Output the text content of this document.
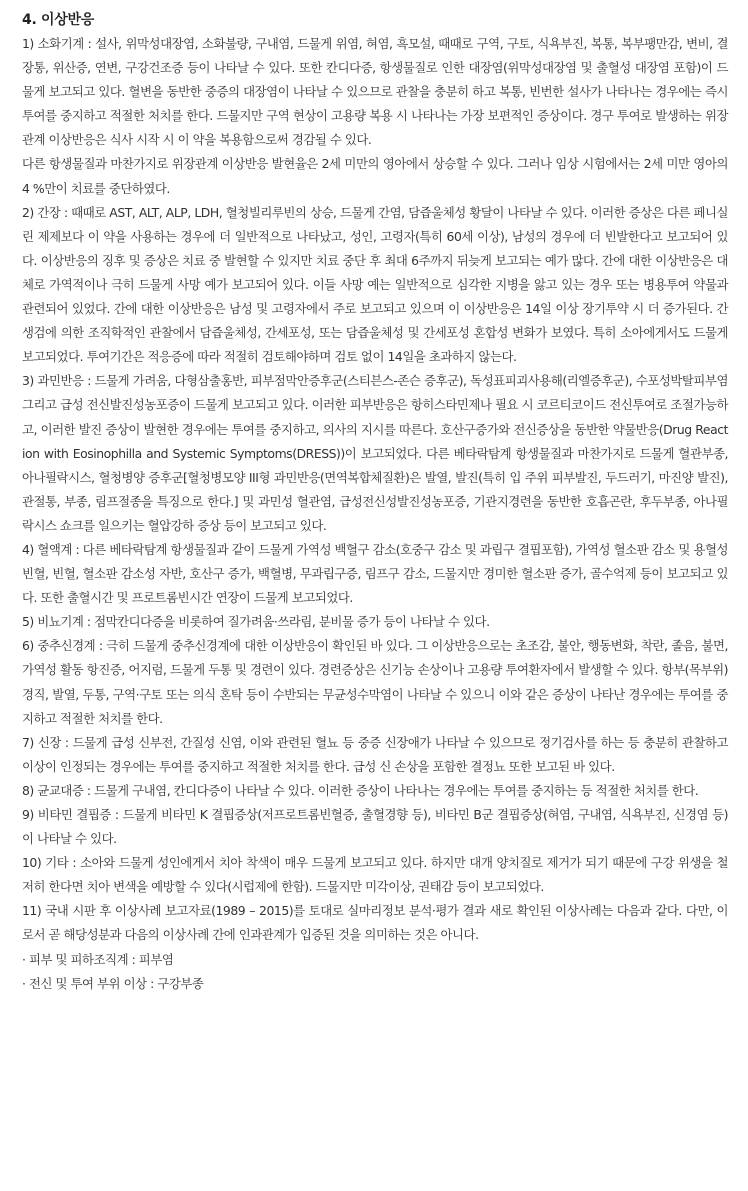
4. 이상반응

1) 소화기계 : 설사, 위막성대장염, 소화불량, 구내염, 드물게 위염, 혀염, 흑모설, 때때로 구역, 구토, 식욕부진, 복통, 복부팽만감, 변비, 결장통, 위산증, 연변, 구강건조증 등이 나타날 수 있다. 또한 칸디다증, 항생물질로 인한 대장염(위막성대장염 및 출혈성 대장염 포함)이 드물게 보고되고 있다. 혈변을 동반한 중증의 대장염이 나타날 수 있으므로 관찰을 충분히 하고 복통, 빈번한 설사가 나타나는 경우에는 즉시 투여를 중지하고 적절한 처치를 한다. 드물지만 구역 현상이 고용량 복용 시 나타나는 가장 보편적인 증상이다. 경구 투여로 발생하는 위장관계 이상반응은 식사 시작 시 이 약을 복용함으로써 경감될 수 있다.

다른 항생물질과 마찬가지로 위장관계 이상반응 발현율은 2세 미만의 영아에서 상승할 수 있다. 그러나 임상 시험에서는 2세 미만 영아의 4 %만이 치료를 중단하였다.

2) 간장 : 때때로 AST, ALT, ALP, LDH, 혈청빌리루빈의 상승, 드물게 간염, 담즙울체성 황달이 나타날 수 있다. 이러한 증상은 다른 페니실린 제제보다 이 약을 사용하는 경우에 더 일반적으로 나타났고, 성인, 고령자(특히 60세 이상), 남성의 경우에 더 빈발한다고 보고되어 있다. 이상반응의 징후 및 증상은 치료 중 발현할 수 있지만 치료 중단 후 최대 6주까지 뒤늦게 보고되는 예가 많다. 간에 대한 이상반응은 대체로 가역적이나 극히 드물게 사망 예가 보고되어 있다. 이들 사망 예는 일반적으로 심각한 지병을 앓고 있는 경우 또는 병용투여 약물과 관련되어 있었다. 간에 대한 이상반응은 남성 및 고령자에서 주로 보고되고 있으며 이 이상반응은 14일 이상 장기투약 시 더 증가된다. 간생검에 의한 조직학적인 관찰에서 담즙울체성, 간세포성, 또는 담즙울체성 및 간세포성 혼합성 변화가 보였다. 특히 소아에게서도 드물게 보고되었다. 투여기간은 적응증에 따라 적절히 검토해야하며 검토 없이 14일을 초과하지 않는다.

3) 과민반응 : 드물게 가려움, 다형삼출홍반, 피부점막안증후군(스티븐스-존슨 증후군), 독성표피괴사용해(리엘증후군), 수포성박탈피부염 그리고 급성 전신발진성농포증이 드물게 보고되고 있다. 이러한 피부반응은 항히스타민제나 필요 시 코르티코이드 전신투여로 조절가능하고, 이러한 발진 증상이 발현한 경우에는 투여를 중지하고, 의사의 지시를 따른다. 호산구증가와 전신증상을 동반한 약물반응(Drug Reaction with Eosinophilla and Systemic Symptoms(DRESS))이 보고되었다. 다른 베타락탐계 항생물질과 마찬가지로 드물게 혈관부종, 아나필락시스, 혈청병양 증후군[혈청병모양 III형 과민반응(면역복합체질환)은 발열, 발진(특히 입 주위 피부발진, 두드러기, 마진양 발진), 관절통, 부종, 림프절종을 특징으로 한다.] 및 과민성 혈관염, 급성전신성발진성농포증, 기관지경련을 동반한 호흡곤란, 후두부종, 아나필락시스 쇼크를 일으키는 혈압강하 증상 등이 보고되고 있다.

4) 혈액계 : 다른 베타락탐계 항생물질과 같이 드물게 가역성 백혈구 감소(호중구 감소 및 과립구 결핍포함), 가역성 혈소판 감소 및 용혈성 빈혈, 빈혈, 혈소판 감소성 자반, 호산구 증가, 백혈병, 무과립구증, 림프구 감소, 드물지만 경미한 혈소판 증가, 골수억제 등이 보고되고 있다. 또한 출혈시간 및 프로트롬빈시간 연장이 드물게 보고되었다.

5) 비뇨기계 : 점막칸디다증을 비롯하여 질가려움·쓰라림, 분비물 증가 등이 나타날 수 있다.

6) 중추신경계 : 극히 드물게 중추신경계에 대한 이상반응이 확인된 바 있다. 그 이상반응으로는 초조감, 불안, 행동변화, 착란, 졸음, 불면, 가역성 활동 항진증, 어지럼, 드물게 두통 및 경련이 있다. 경련증상은 신기능 손상이나 고용량 투여환자에서 발생할 수 있다. 항부(목부위)경직, 발열, 두통, 구역·구토 또는 의식 혼탁 등이 수반되는 무균성수막염이 나타날 수 있으니 이와 같은 증상이 나타난 경우에는 투여를 중지하고 적절한 처치를 한다.

7) 신장 : 드물게 급성 신부전, 간질성 신염, 이와 관련된 혈뇨 등 중증 신장애가 나타날 수 있으므로 정기검사를 하는 등 충분히 관찰하고 이상이 인정되는 경우에는 투여를 중지하고 적절한 처치를 한다. 급성 신 손상을 포함한 결정뇨 또한 보고된 바 있다.

8) 균교대증 : 드물게 구내염, 칸디다증이 나타날 수 있다. 이러한 증상이 나타나는 경우에는 투여를 중지하는 등 적절한 처치를 한다.

9) 비타민 결핍증 : 드물게 비타민 K 결핍증상(저프로트롬빈혈증, 출혈경향 등), 비타민 B군 결핍증상(혀염, 구내염, 식욕부진, 신경염 등)이 나타날 수 있다.

10) 기타 : 소아와 드물게 성인에게서 치아 착색이 매우 드물게 보고되고 있다. 하지만 대개 양치질로 제거가 되기 때문에 구강 위생을 철저히 한다면 치아 변색을 예방할 수 있다(시럽제에 한함). 드물지만 미각이상, 권태감 등이 보고되었다.

11) 국내 시판 후 이상사례 보고자료(1989 – 2015)를 토대로 실마리정보 분석·평가 결과 새로 확인된 이상사례는 다음과 같다. 다만, 이로서 곧 해당성분과 다음의 이상사례 간에 인과관계가 입증된 것을 의미하는 것은 아니다.

· 피부 및 피하조직계 : 피부염

· 전신 및 투여 부위 이상 : 구강부종
